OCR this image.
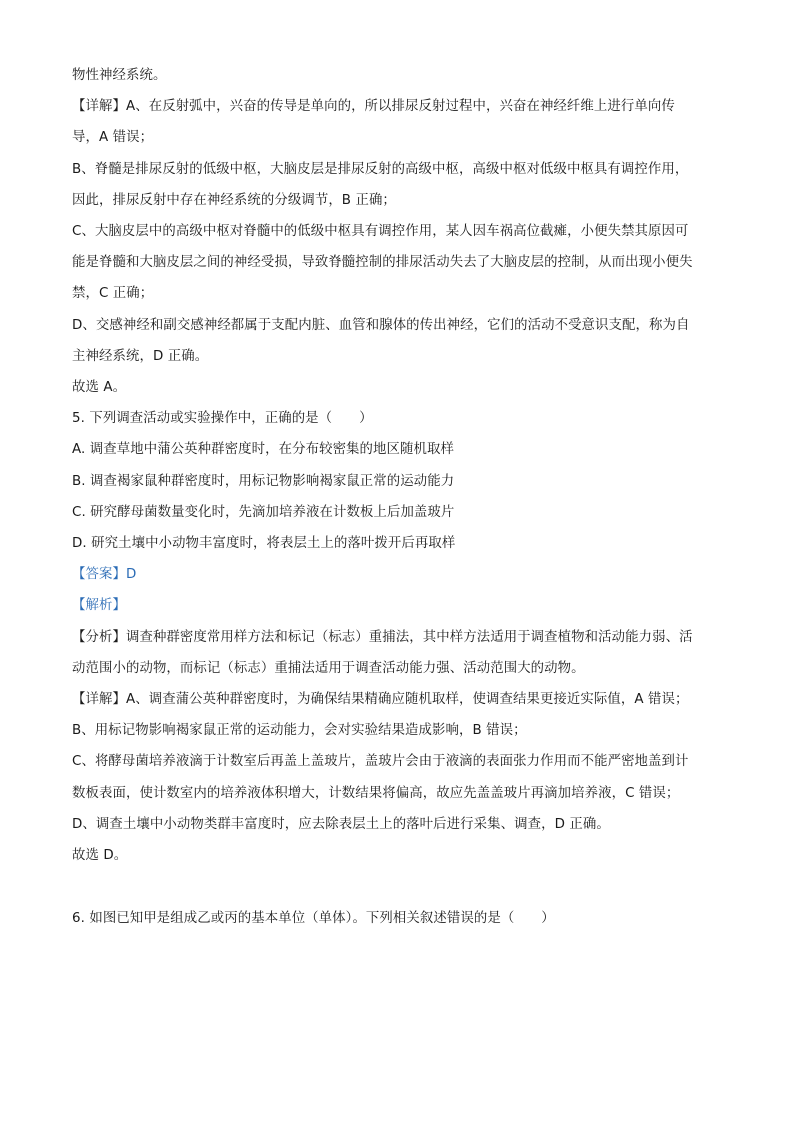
物性神经系统。
【详解】A、在反射弧中，兴奋的传导是单向的，所以排尿反射过程中，兴奋在神经纤维上进行单向传
导，A 错误；
B、脊髓是排尿反射的低级中枢，大脑皮层是排尿反射的高级中枢，高级中枢对低级中枢具有调控作用，
因此，排尿反射中存在神经系统的分级调节，B 正确；
C、大脑皮层中的高级中枢对脊髓中的低级中枢具有调控作用，某人因车祸高位截瘫，小便失禁其原因可
能是脊髓和大脑皮层之间的神经受损，导致脊髓控制的排尿活动失去了大脑皮层的控制，从而出现小便失
禁，C 正确；
D、交感神经和副交感神经都属于支配内脏、血管和腺体的传出神经，它们的活动不受意识支配，称为自
主神经系统，D 正确。
故选 A。
5. 下列调查活动或实验操作中，正确的是（　　）
A. 调查草地中蒲公英种群密度时，在分布较密集的地区随机取样
B. 调查褐家鼠种群密度时，用标记物影响褐家鼠正常的运动能力
C. 研究酵母菌数量变化时，先滴加培养液在计数板上后加盖玻片
D. 研究土壤中小动物丰富度时，将表层土上的落叶拨开后再取样
【答案】D
【解析】
【分析】调查种群密度常用样方法和标记（标志）重捕法，其中样方法适用于调查植物和活动能力弱、活
动范围小的动物，而标记（标志）重捕法适用于调查活动能力强、活动范围大的动物。
【详解】A、调查蒲公英种群密度时，为确保结果精确应随机取样，使调查结果更接近实际值，A 错误；
B、用标记物影响褐家鼠正常的运动能力，会对实验结果造成影响，B 错误；
C、将酵母菌培养液滴于计数室后再盖上盖玻片，盖玻片会由于液滴的表面张力作用而不能严密地盖到计
数板表面，使计数室内的培养液体积增大，计数结果将偏高，故应先盖盖玻片再滴加培养液，C 错误；
D、调查土壤中小动物类群丰富度时，应去除表层土上的落叶后进行采集、调查，D 正确。
故选 D。
6. 如图已知甲是组成乙或丙的基本单位（单体）。下列相关叙述错误的是（　　）
